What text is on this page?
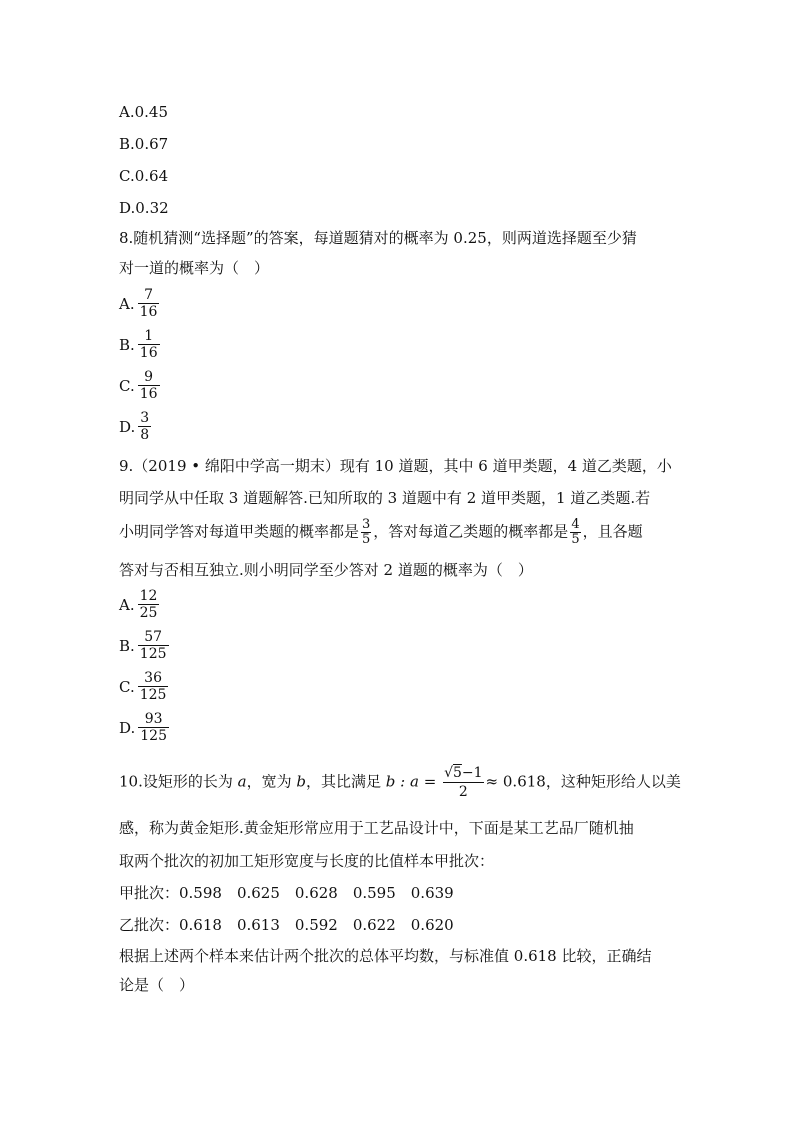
A.0.45
B.0.67
C.0.64
D.0.32
8.随机猜测“选择题”的答案，每道题猜对的概率为 0.25，则两道选择题至少猜
对一道的概率为（　）
A. $\frac{7}{16}$
B. $\frac{1}{16}$
C. $\frac{9}{16}$
D. $\frac{3}{8}$
9.（2019 • 绵阳中学高一期末）现有 10 道题，其中 6 道甲类题，4 道乙类题，小
明同学从中任取 3 道题解答.已知所取的 3 道题中有 2 道甲类题，1 道乙类题.若
小明同学答对每道甲类题的概率都是 $\frac{3}{5}$ ，答对每道乙类题的概率都是 $\frac{4}{5}$ ，且各题
答对与否相互独立.则小明同学至少答对 2 道题的概率为（　）
A. $\frac{12}{25}$
B. $\frac{57}{125}$
C. $\frac{36}{125}$
D. $\frac{93}{125}$
10.设矩形的长为 a，宽为 b，其比满足 b : $a = \frac{√5-1}{2} \approx 0.618$，这种矩形给人以美
感，称为黄金矩形.黄金矩形常应用于工艺品设计中，下面是某工艺品厂随机抽
取两个批次的初加工矩形宽度与长度的比值样本甲批次：
甲批次：0.598　0.625　0.628　0.595　0.639
乙批次：0.618　0.613　0.592　0.622　0.620
根据上述两个样本来估计两个批次的总体平均数，与标准值 0.618 比较，正确结
论是（　）
